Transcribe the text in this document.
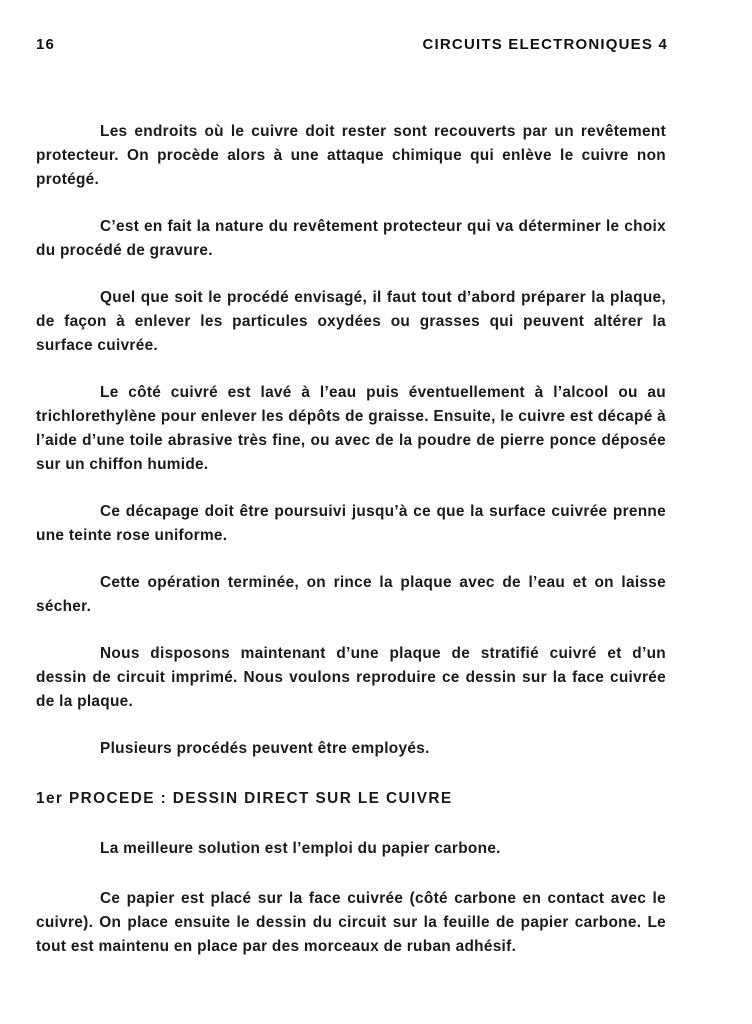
16	CIRCUITS ELECTRONIQUES 4

Les endroits où le cuivre doit rester sont recouverts par un revêtement protecteur. On procède alors à une attaque chimique qui enlève le cuivre non protégé.

C’est en fait la nature du revêtement protecteur qui va déterminer le choix du procédé de gravure.

Quel que soit le procédé envisagé, il faut tout d’abord préparer la plaque, de façon à enlever les particules oxydées ou grasses qui peuvent altérer la surface cuivrée.

Le côté cuivré est lavé à l’eau puis éventuellement à l’alcool ou au trichlorethylène pour enlever les dépôts de graisse. Ensuite, le cuivre est décapé à l’aide d’une toile abrasive très fine, ou avec de la poudre de pierre ponce déposée sur un chiffon humide.

Ce décapage doit être poursuivi jusqu’à ce que la surface cuivrée prenne une teinte rose uniforme.

Cette opération terminée, on rince la plaque avec de l’eau et on laisse sécher.

Nous disposons maintenant d’une plaque de stratifié cuivré et d’un dessin de circuit imprimé. Nous voulons reproduire ce dessin sur la face cuivrée de la plaque.

Plusieurs procédés peuvent être employés.

1er PROCEDE : DESSIN DIRECT SUR LE CUIVRE

La meilleure solution est l’emploi du papier carbone.

Ce papier est placé sur la face cuivrée (côté carbone en contact avec le cuivre). On place ensuite le dessin du circuit sur la feuille de papier carbone. Le tout est maintenu en place par des morceaux de ruban adhésif.
